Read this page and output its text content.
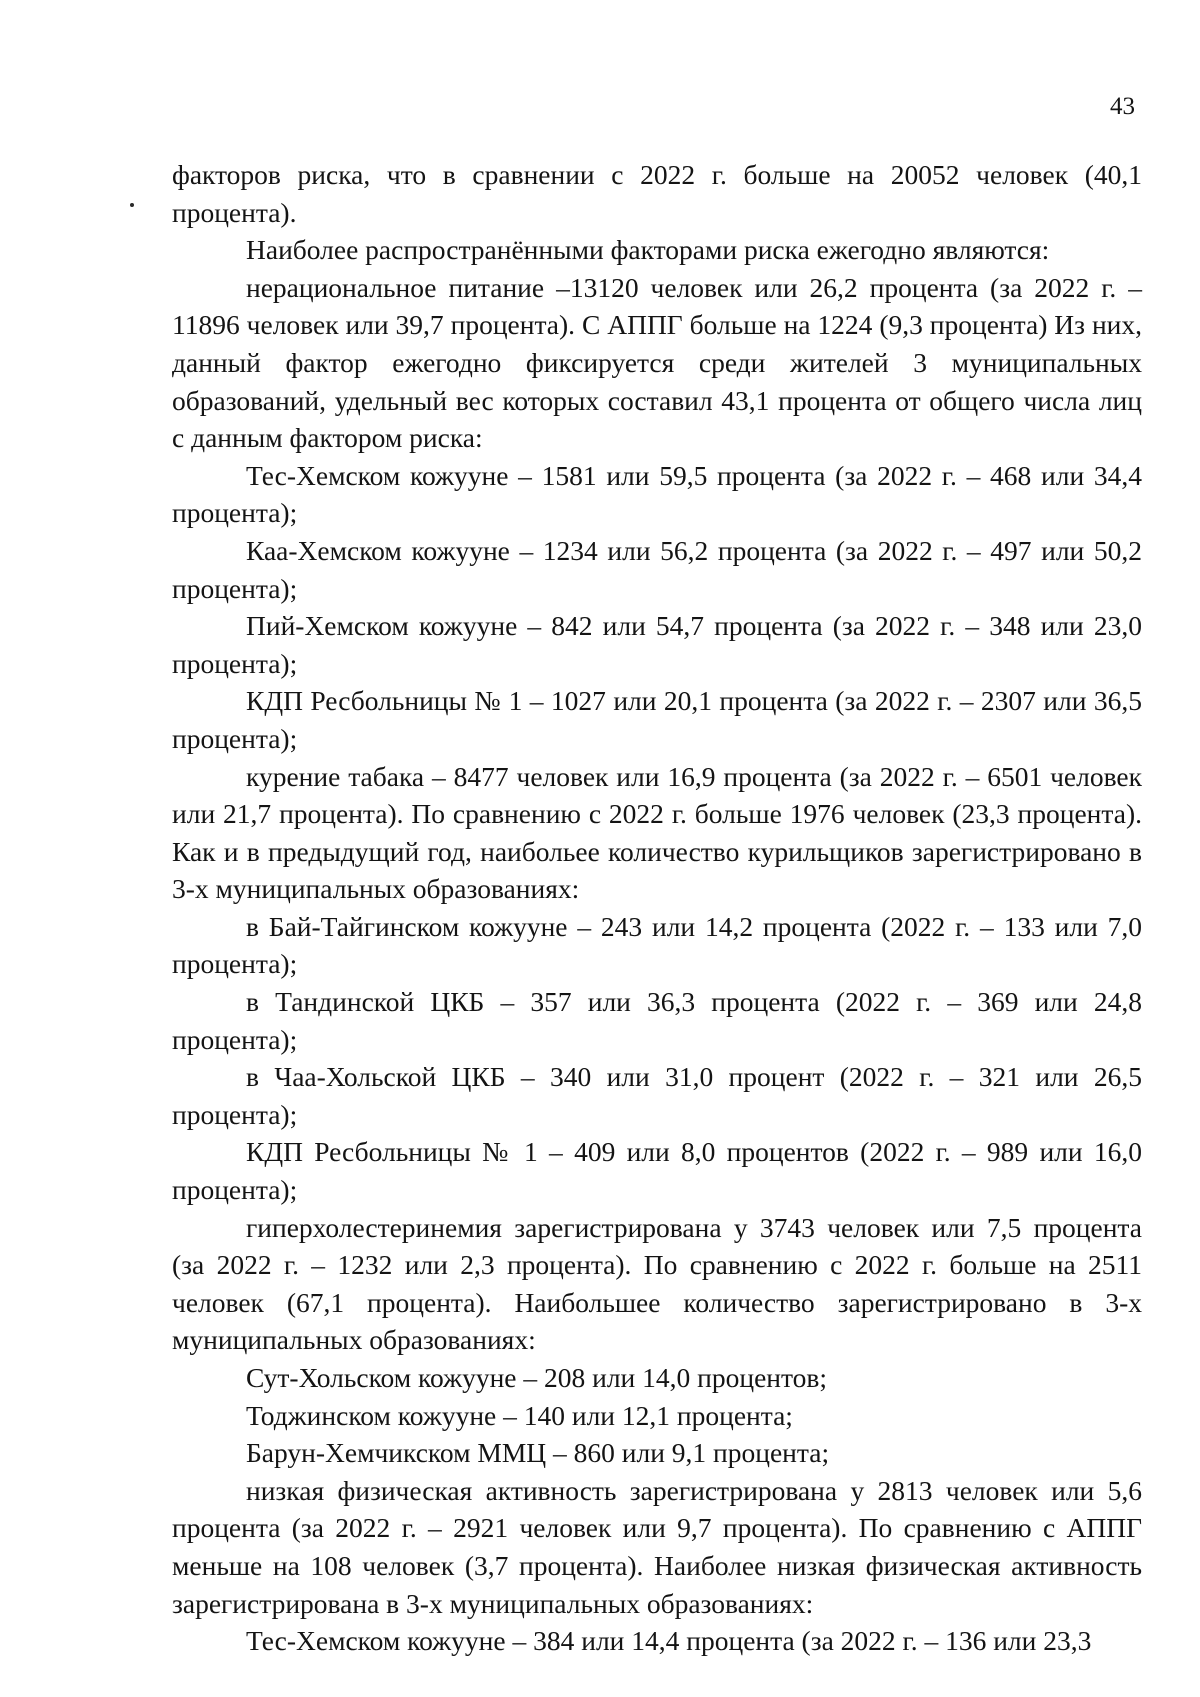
43

факторов риска, что в сравнении с 2022 г. больше на 20052 человек (40,1 процента).

Наиболее распространёнными факторами риска ежегодно являются:

нерациональное питание –13120 человек или 26,2 процента (за 2022 г. – 11896 человек или 39,7 процента). С АППГ больше на 1224 (9,3 процента) Из них, данный фактор ежегодно фиксируется среди жителей 3 муниципальных образований, удельный вес которых составил 43,1 процента от общего числа лиц с данным фактором риска:

Тес-Хемском кожууне – 1581 или 59,5 процента (за 2022 г. – 468 или 34,4 процента);

Каа-Хемском кожууне – 1234 или 56,2 процента (за 2022 г. – 497 или 50,2 процента);

Пий-Хемском кожууне – 842 или 54,7 процента (за 2022 г. – 348 или 23,0 процента);

КДП Ресбольницы № 1 – 1027 или 20,1 процента (за 2022 г. – 2307 или 36,5 процента);

курение табака – 8477 человек или 16,9 процента (за 2022 г. – 6501 человек или 21,7 процента). По сравнению с 2022 г. больше 1976 человек (23,3 процента). Как и в предыдущий год, наибольее количество курильщиков зарегистрировано в 3-х муниципальных образованиях:

в Бай-Тайгинском кожууне – 243 или 14,2 процента (2022 г. – 133 или 7,0 процента);

в Тандинской ЦКБ – 357 или 36,3 процента (2022 г. – 369 или 24,8 процента);

в Чаа-Хольской ЦКБ – 340 или 31,0 процент (2022 г. – 321 или 26,5 процента);

КДП Ресбольницы № 1 – 409 или 8,0 процентов (2022 г. – 989 или 16,0 процента);

гиперхолестеринемия зарегистрирована у 3743 человек или 7,5 процента (за 2022 г. – 1232 или 2,3 процента). По сравнению с 2022 г. больше на 2511 человек (67,1 процента). Наибольшее количество зарегистрировано в 3-х муниципальных образованиях:

Сут-Хольском кожууне – 208 или 14,0 процентов;

Тоджинском кожууне – 140 или 12,1 процента;

Барун-Хемчикском ММЦ – 860 или 9,1 процента;

низкая физическая активность зарегистрирована у 2813 человек или 5,6 процента (за 2022 г. – 2921 человек или 9,7 процента). По сравнению с АППГ меньше на 108 человек (3,7 процента). Наиболее низкая физическая активность зарегистрирована в 3-х муниципальных образованиях:

Тес-Хемском кожууне – 384 или 14,4 процента (за 2022 г. – 136 или 23,3
